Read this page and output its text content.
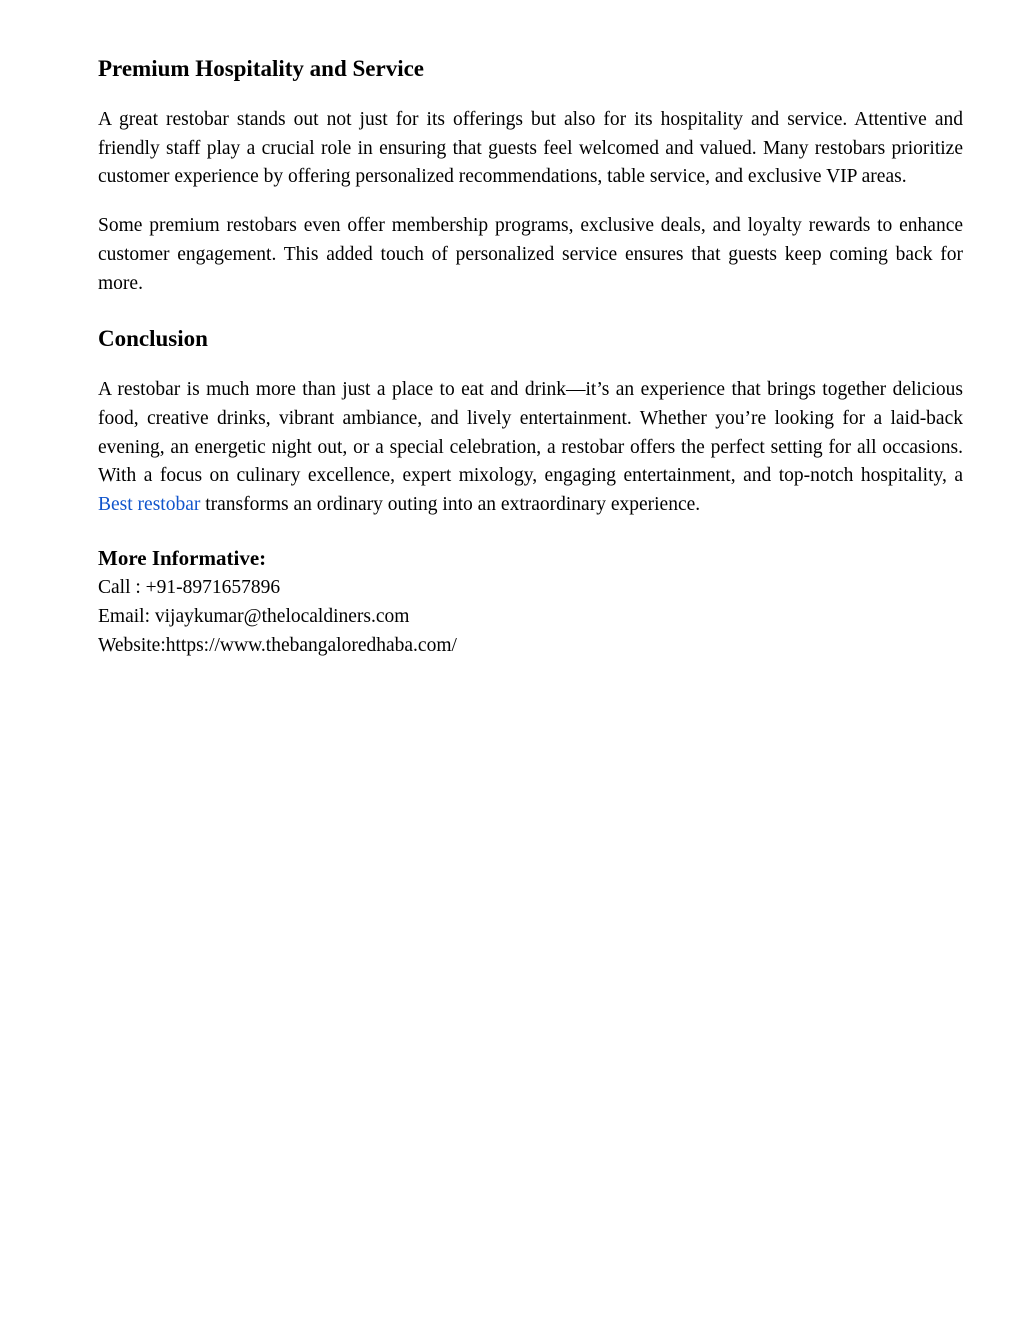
Premium Hospitality and Service

A great restobar stands out not just for its offerings but also for its hospitality and service. Attentive and friendly staff play a crucial role in ensuring that guests feel welcomed and valued. Many restobars prioritize customer experience by offering personalized recommendations, table service, and exclusive VIP areas.

Some premium restobars even offer membership programs, exclusive deals, and loyalty rewards to enhance customer engagement. This added touch of personalized service ensures that guests keep coming back for more.

Conclusion

A restobar is much more than just a place to eat and drink—it’s an experience that brings together delicious food, creative drinks, vibrant ambiance, and lively entertainment. Whether you’re looking for a laid-back evening, an energetic night out, or a special celebration, a restobar offers the perfect setting for all occasions. With a focus on culinary excellence, expert mixology, engaging entertainment, and top-notch hospitality, a Best restobar transforms an ordinary outing into an extraordinary experience.

More Informative:
Call : +91-8971657896
Email: vijaykumar@thelocaldiners.com
Website:https://www.thebangaloredhaba.com/
